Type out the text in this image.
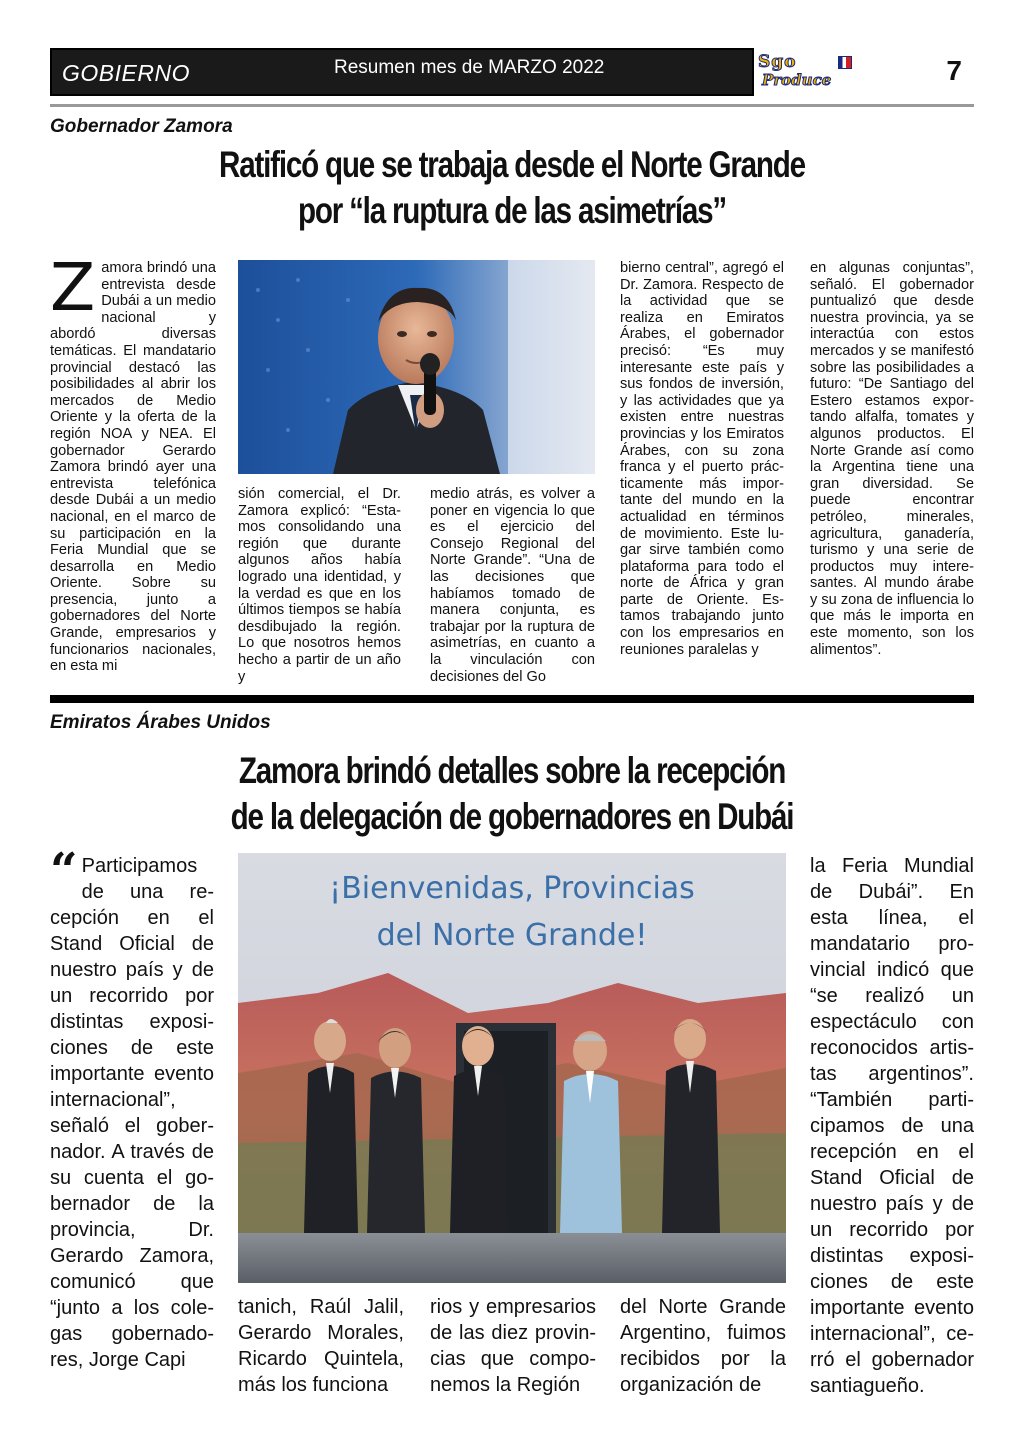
GOBIERNO	Resumen mes de MARZO 2022	Sgo
Produce	7
Gobernador Zamora
Ratificó que se trabaja desde el Norte Grande
por “la ruptura de las asimetrías”
Z amora brindó una entrevista desde Dubái a un medio nacional y abordó diversas temáticas. El mandatario provincial destacó las posibilidades al abrir los mercados de Medio Oriente y la oferta de la región NOA y NEA. El gobernador Gerardo Zamora brindó ayer una entrevista telefónica desde Dubái a un medio nacional, en el marco de su participación en la Feria Mundial que se desarrolla en Medio Oriente. Sobre su presencia, junto a gobernadores del Norte Grande, empresarios y funcionarios nacionales, en esta mi
sión comercial, el Dr. Zamora explicó: “Estamos consolidando una región que durante algunos años había logrado una identidad, y la verdad es que en los últimos tiempos se había desdibujado la región. Lo que nosotros hemos hecho a partir de un año y
medio atrás, es volver a poner en vigencia lo que es el ejercicio del Consejo Regional del Norte Grande”. “Una de las decisiones que habíamos tomado de manera conjunta, es trabajar por la ruptura de asimetrías, en cuanto a la vinculación con decisiones del Go
bierno central”, agregó el Dr. Zamora. Respecto de la actividad que se realiza en Emiratos Árabes, el gobernador precisó: “Es muy interesante este país y sus fondos de inversión, y las actividades que ya existen entre nuestras provincias y los Emiratos Árabes, con su zona franca y el puerto prácticamente más importante del mundo en la actualidad en términos de movimiento. Este lugar sirve también como plataforma para todo el norte de África y gran parte de Oriente. Estamos trabajando junto con los empresarios en reuniones paralelas y
en algunas conjuntas”, señaló. El gobernador puntualizó que desde nuestra provincia, ya se interactúa con estos mercados y se manifestó sobre las posibilidades a futuro: “De Santiago del Estero estamos exportando alfalfa, tomates y algunos productos. El Norte Grande así como la Argentina tiene una gran diversidad. Se puede encontrar petróleo, minerales, agricultura, ganadería, turismo y una serie de productos muy interesantes. Al mundo árabe y su zona de influencia lo que más le importa en este momento, son los alimentos”.
Emiratos Árabes Unidos
Zamora brindó detalles sobre la recepción
de la delegación de gobernadores en Dubái
“ Participamos de una recepción en el Stand Oficial de nuestro país y de un recorrido por distintas exposiciones de este importante evento internacional”, señaló el gobernador. A través de su cuenta el gobernador de la provincia, Dr. Gerardo Zamora, comunicó que “junto a los colegas gobernadores, Jorge Capi
¡Bienvenidas, Provincias
del Norte Grande!
tanich, Raúl Jalil, Gerardo Morales, Ricardo Quintela, más los funciona
rios y empresarios de las diez provincias que componemos la Región
del Norte Grande Argentino, fuimos recibidos por la organización de
la Feria Mundial de Dubái”. En esta línea, el mandatario provincial indicó que “se realizó un espectáculo con reconocidos artistas argentinos”. “También participamos de una recepción en el Stand Oficial de nuestro país y de un recorrido por distintas exposiciones de este importante evento internacional”, cerró el gobernador santiagueño.
